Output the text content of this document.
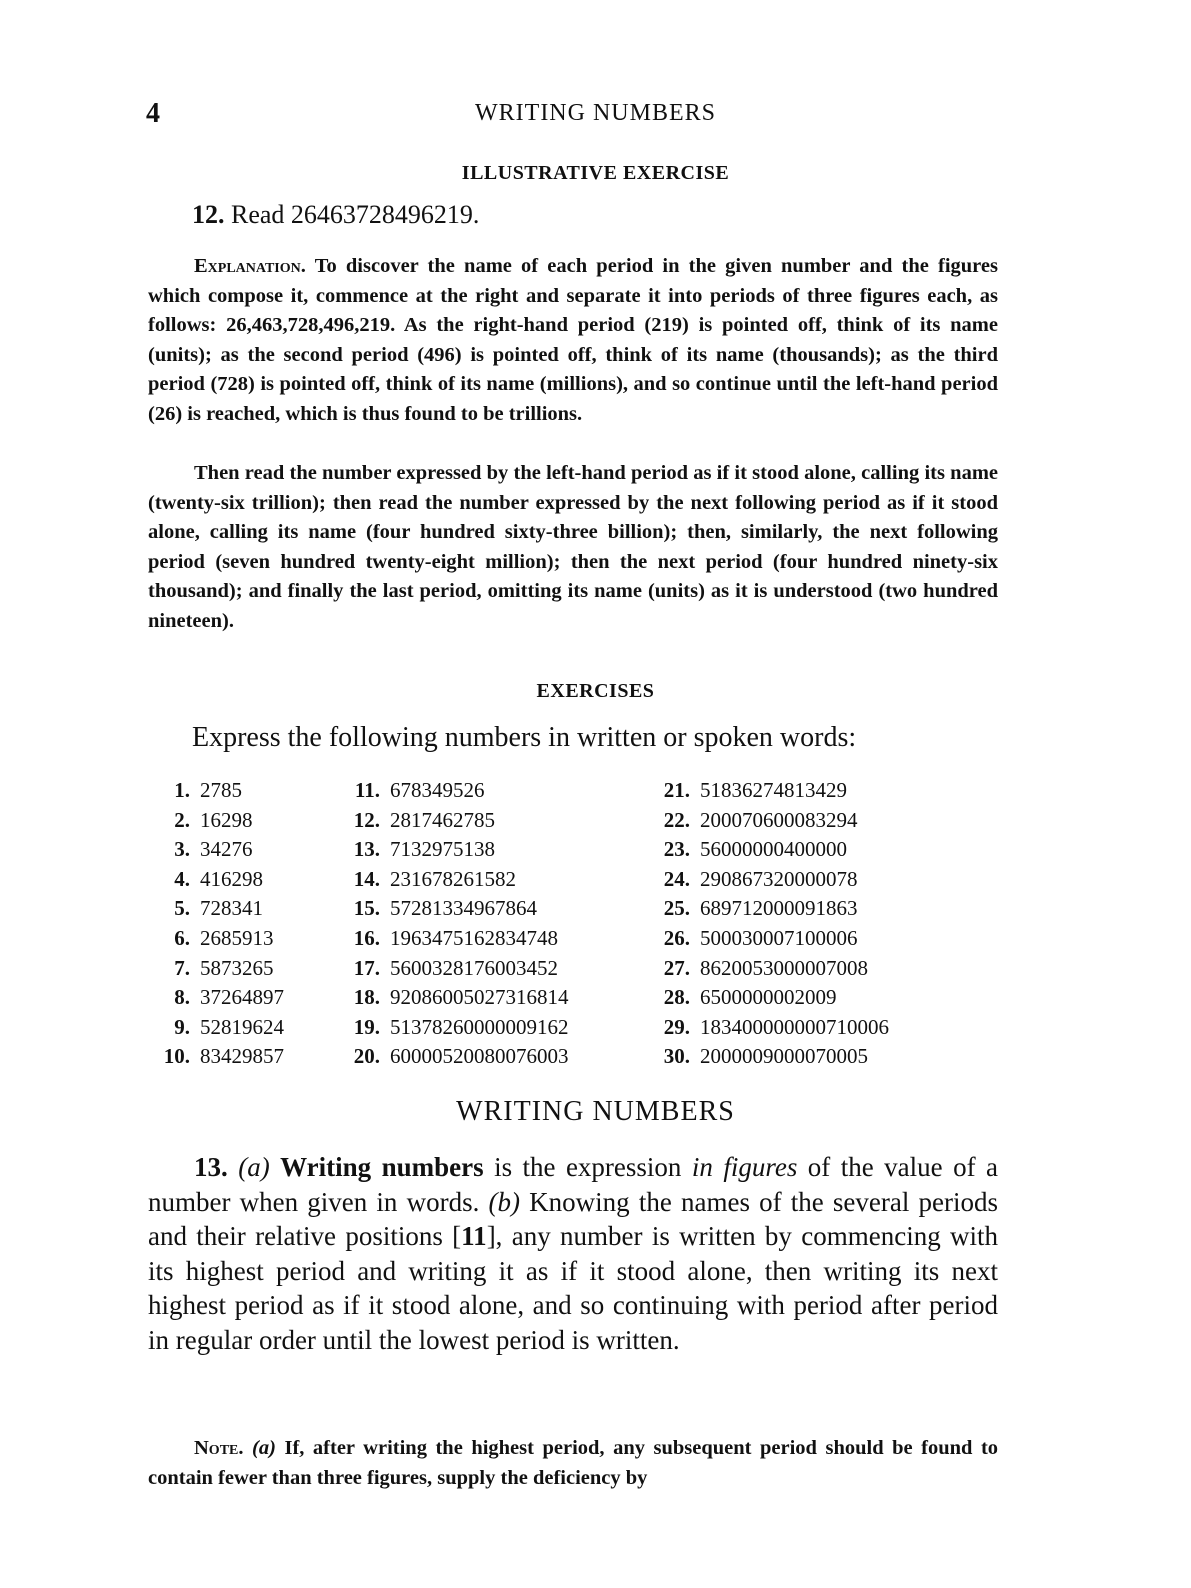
4	WRITING NUMBERS
ILLUSTRATIVE EXERCISE
12. Read 26463728496219.
Explanation. To discover the name of each period in the given number and the figures which compose it, commence at the right and separate it into periods of three figures each, as follows: 26,463,728,496,219. As the right-hand period (219) is pointed off, think of its name (units); as the second period (496) is pointed off, think of its name (thousands); as the third period (728) is pointed off, think of its name (millions), and so continue until the left-hand period (26) is reached, which is thus found to be trillions.
Then read the number expressed by the left-hand period as if it stood alone, calling its name (twenty-six trillion); then read the number expressed by the next following period as if it stood alone, calling its name (four hundred sixty-three billion); then, similarly, the next following period (seven hundred twenty-eight million); then the next period (four hundred ninety-six thousand); and finally the last period, omitting its name (units) as it is understood (two hundred nineteen).
EXERCISES
Express the following numbers in written or spoken words:
1. 2785
2. 16298
3. 34276
4. 416298
5. 728341
6. 2685913
7. 5873265
8. 37264897
9. 52819624
10. 83429857
11. 678349526
12. 2817462785
13. 7132975138
14. 231678261582
15. 57281334967864
16. 1963475162834748
17. 5600328176003452
18. 92086005027316814
19. 51378260000009162
20. 60000520080076003
21. 51836274813429
22. 200070600083294
23. 56000000400000
24. 290867320000078
25. 689712000091863
26. 500030007100006
27. 8620053000007008
28. 6500000002009
29. 183400000000710006
30. 2000009000070005
WRITING NUMBERS
13. (a) Writing numbers is the expression in figures of the value of a number when given in words. (b) Knowing the names of the several periods and their relative positions [11], any number is written by commencing with its highest period and writing it as if it stood alone, then writing its next highest period as if it stood alone, and so continuing with period after period in regular order until the lowest period is written.
Note. (a) If, after writing the highest period, any subsequent period should be found to contain fewer than three figures, supply the deficiency by
